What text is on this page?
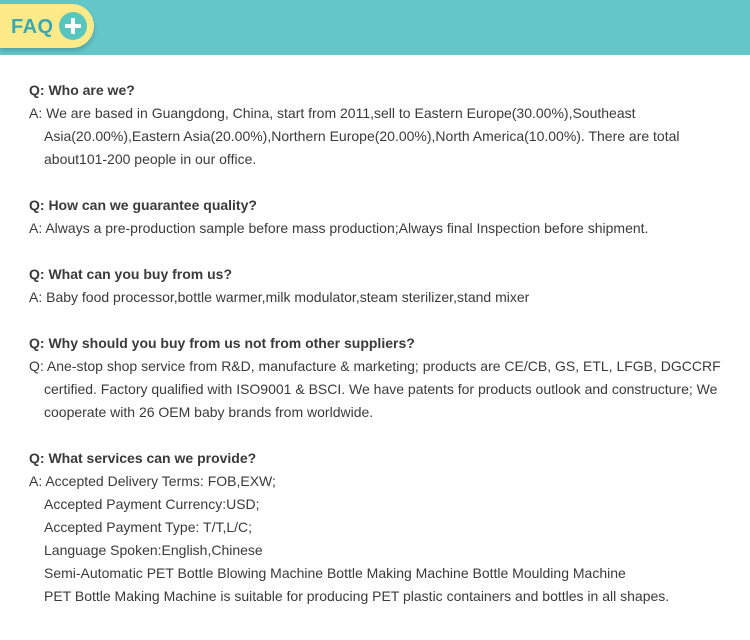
FAQ
Q: Who are we?
A: We are based in Guangdong, China, start from 2011,sell to Eastern Europe(30.00%),Southeast Asia(20.00%),Eastern Asia(20.00%),Northern Europe(20.00%),North America(10.00%). There are total about101-200 people in our office.
Q: How can we guarantee quality?
A: Always a pre-production sample before mass production;Always final Inspection before shipment.
Q: What can you buy from us?
A: Baby food processor,bottle warmer,milk modulator,steam sterilizer,stand mixer
Q: Why should you buy from us not from other suppliers?
Q: Ane-stop shop service from R&D, manufacture & marketing; products are CE/CB, GS, ETL, LFGB, DGCCRF certified. Factory qualified with ISO9001 & BSCI. We have patents for products outlook and constructure; We cooperate with 26 OEM baby brands from worldwide.
Q: What services can we provide?
A: Accepted Delivery Terms: FOB,EXW;
Accepted Payment Currency:USD;
Accepted Payment Type: T/T,L/C;
Language Spoken:English,Chinese
Semi-Automatic PET Bottle Blowing Machine Bottle Making Machine Bottle Moulding Machine
PET Bottle Making Machine is suitable for producing PET plastic containers and bottles in all shapes.
